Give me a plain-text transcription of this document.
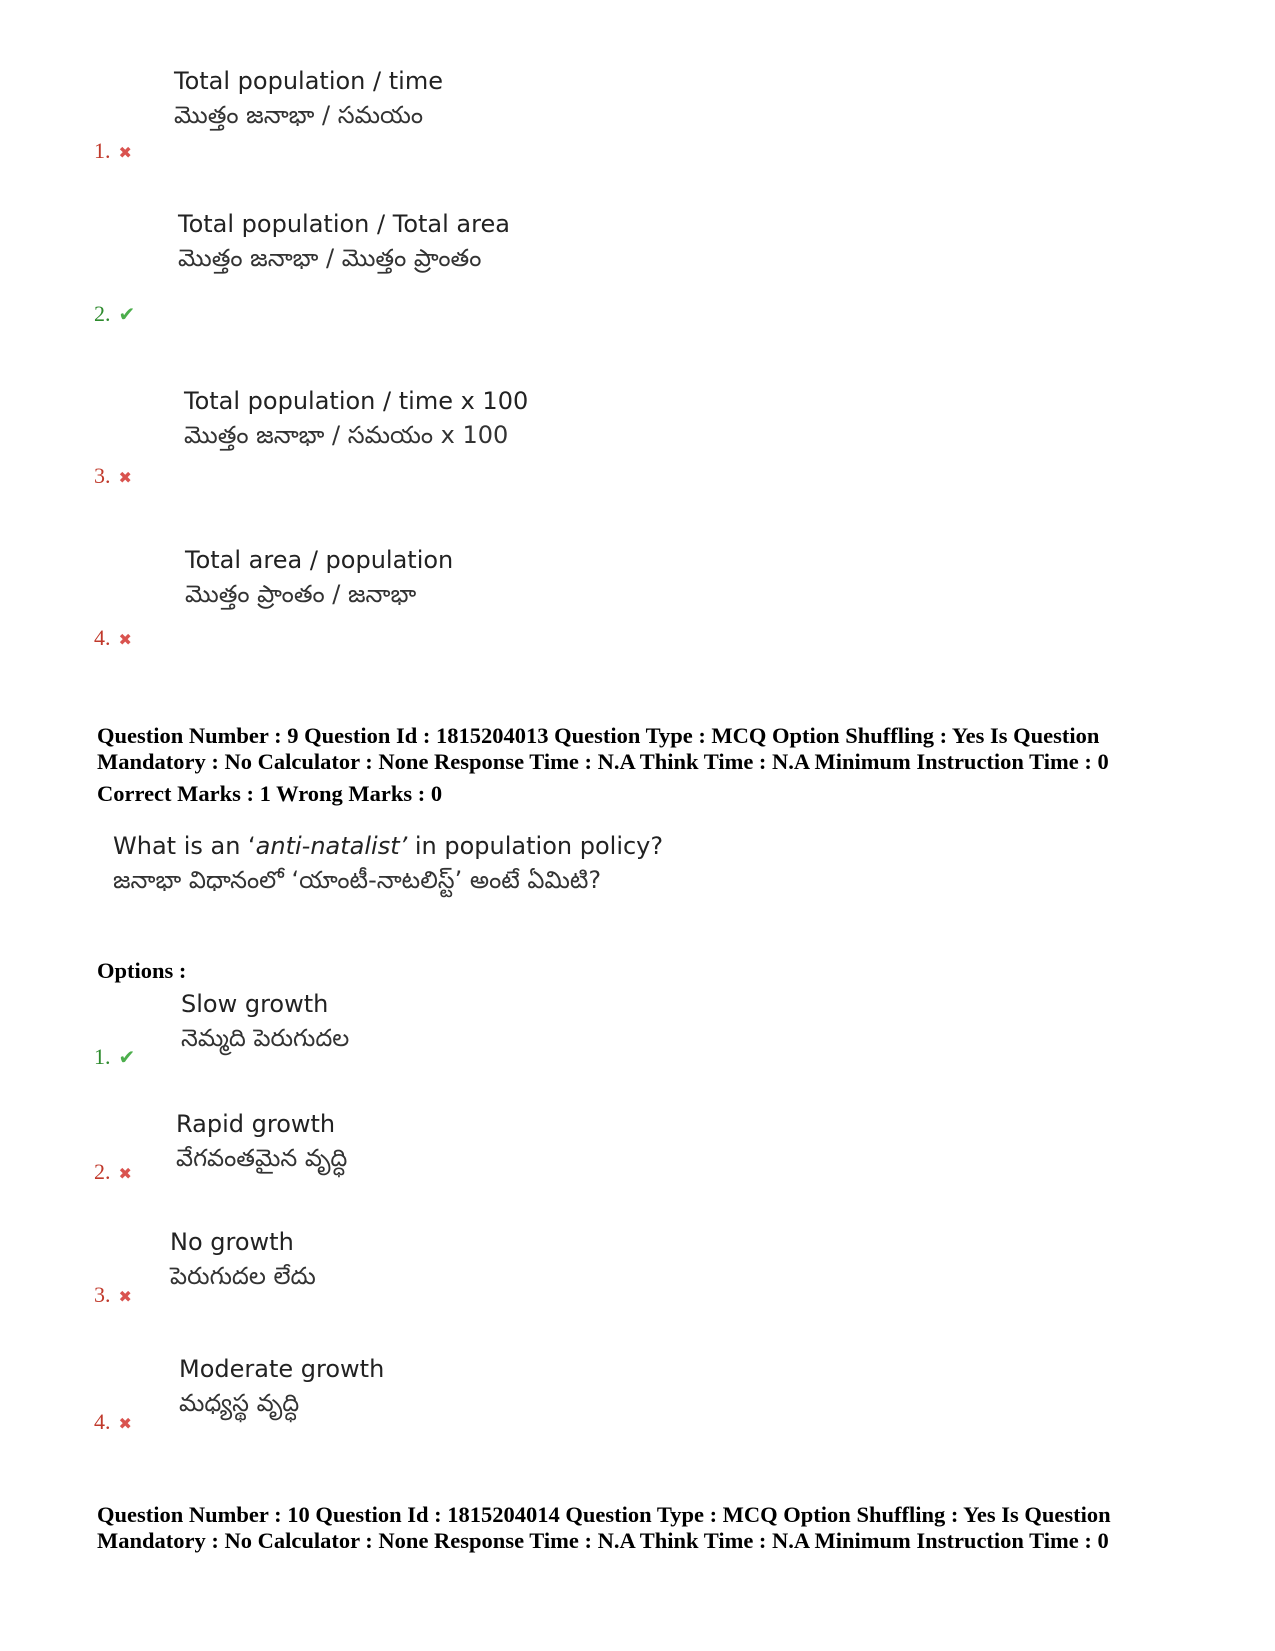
Total population / time
మొత్తం జనాభా / సమయం
1. ✖
Total population / Total area
మొత్తం జనాభా / మొత్తం ప్రాంతం
2. ✔
Total population / time x 100
మొత్తం జనాభా / సమయం x 100
3. ✖
Total area / population
మొత్తం ప్రాంతం / జనాభా
4. ✖
Question Number : 9 Question Id : 1815204013 Question Type : MCQ Option Shuffling : Yes Is Question
Mandatory : No Calculator : None Response Time : N.A Think Time : N.A Minimum Instruction Time : 0
Correct Marks : 1 Wrong Marks : 0
What is an ‘anti-natalist’ in population policy?
జనాభా విధానంలో ‘యాంటీ-నాటలిస్ట్’ అంటే ఏమిటి?
Options :
Slow growth
నెమ్మది పెరుగుదల
1. ✔
Rapid growth
వేగవంతమైన వృద్ధి
2. ✖
No growth
పెరుగుదల లేదు
3. ✖
Moderate growth
మధ్యస్థ వృద్ధి
4. ✖
Question Number : 10 Question Id : 1815204014 Question Type : MCQ Option Shuffling : Yes Is Question
Mandatory : No Calculator : None Response Time : N.A Think Time : N.A Minimum Instruction Time : 0
